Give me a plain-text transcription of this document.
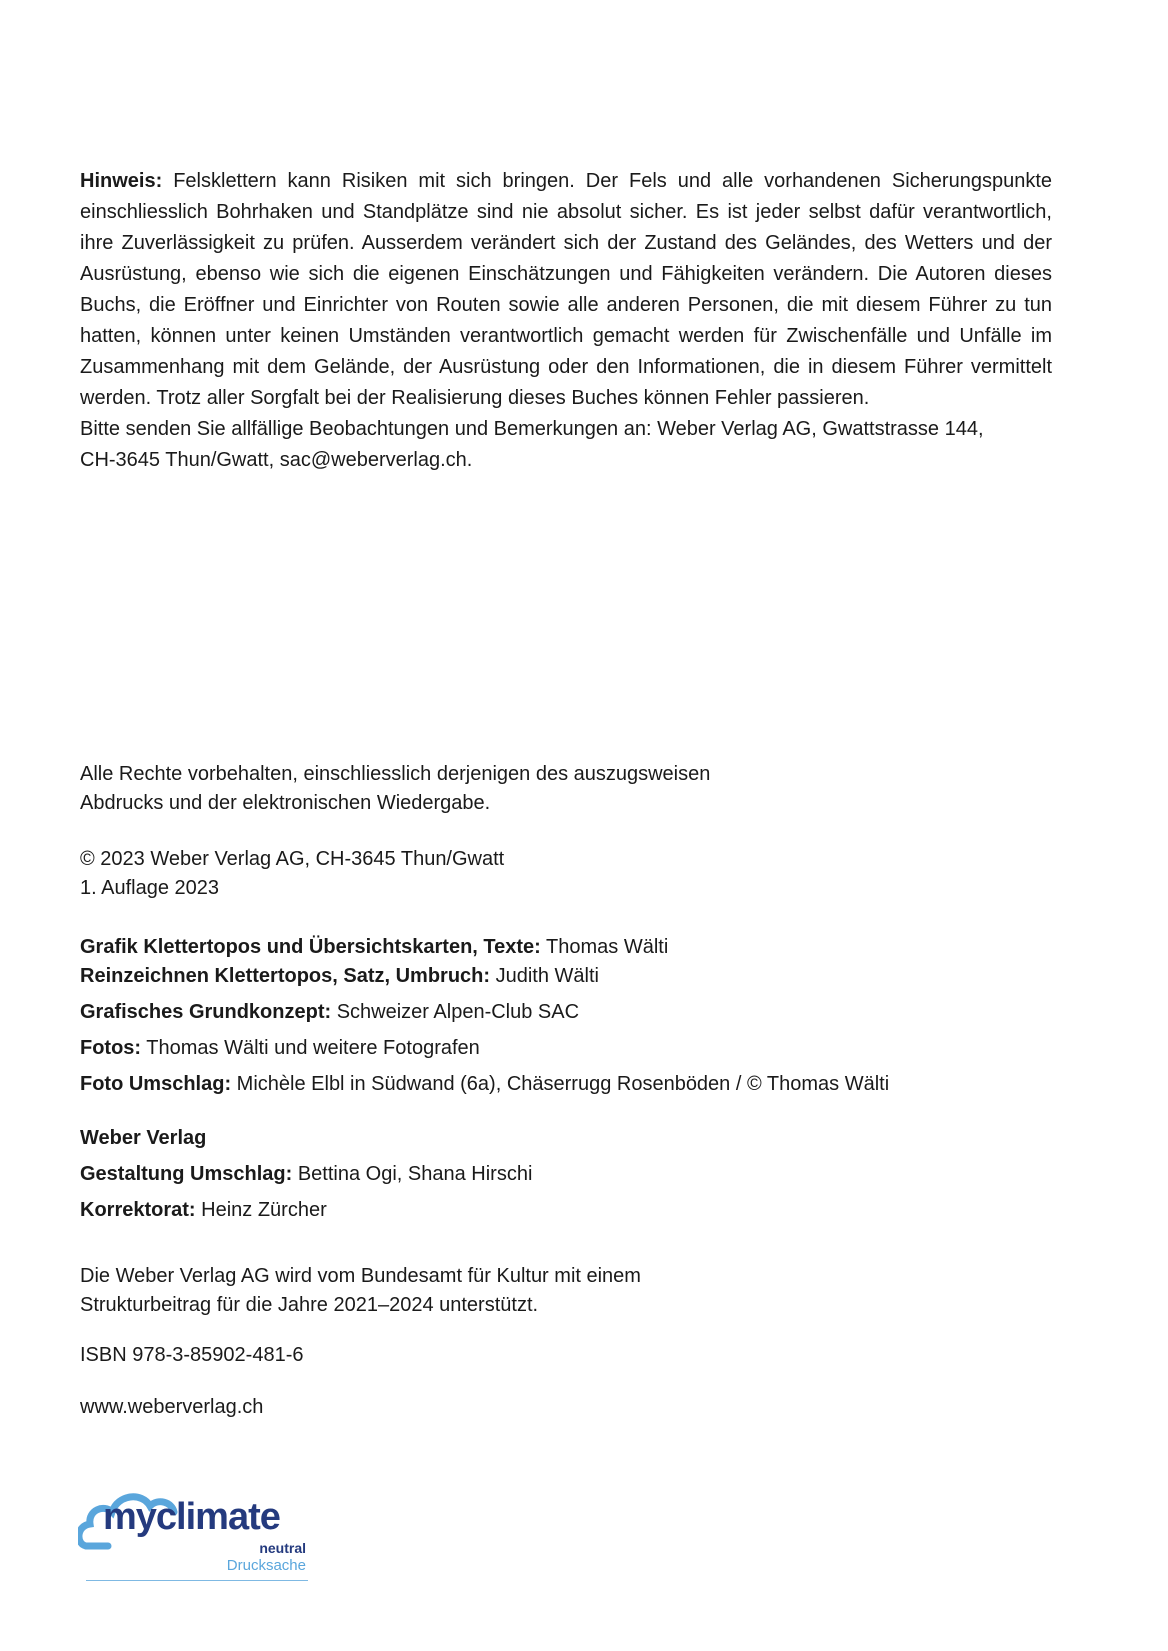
Hinweis: Felsklettern kann Risiken mit sich bringen. Der Fels und alle vorhandenen Sicherungspunkte einschliesslich Bohrhaken und Standplätze sind nie absolut sicher. Es ist jeder selbst dafür verantwortlich, ihre Zuverlässigkeit zu prüfen. Ausserdem verändert sich der Zustand des Geländes, des Wetters und der Ausrüstung, ebenso wie sich die eigenen Einschätzungen und Fähigkeiten verändern. Die Autoren dieses Buchs, die Eröffner und Einrichter von Routen sowie alle anderen Personen, die mit diesem Führer zu tun hatten, können unter keinen Umständen verantwortlich gemacht werden für Zwischenfälle und Unfälle im Zusammenhang mit dem Gelände, der Ausrüstung oder den Informationen, die in diesem Führer vermittelt werden. Trotz aller Sorgfalt bei der Realisierung dieses Buches können Fehler passieren.
Bitte senden Sie allfällige Beobachtungen und Bemerkungen an: Weber Verlag AG, Gwattstrasse 144,
CH-3645 Thun/Gwatt, sac@weberverlag.ch.
Alle Rechte vorbehalten, einschliesslich derjenigen des auszugsweisen
Abdrucks und der elektronischen Wiedergabe.
© 2023 Weber Verlag AG, CH-3645 Thun/Gwatt
1. Auflage 2023
Grafik Klettertopos und Übersichtskarten, Texte: Thomas Wälti
Reinzeichnen Klettertopos, Satz, Umbruch: Judith Wälti
Grafisches Grundkonzept: Schweizer Alpen-Club SAC
Fotos: Thomas Wälti und weitere Fotografen
Foto Umschlag: Michèle Elbl in Südwand (6a), Chäserrugg Rosenböden / © Thomas Wälti
Weber Verlag
Gestaltung Umschlag: Bettina Ogi, Shana Hirschi
Korrektorat: Heinz Zürcher
Die Weber Verlag AG wird vom Bundesamt für Kultur mit einem
Strukturbeitrag für die Jahre 2021–2024 unterstützt.
ISBN 978-3-85902-481-6
www.weberverlag.ch
myclimate
neutral
Drucksache
